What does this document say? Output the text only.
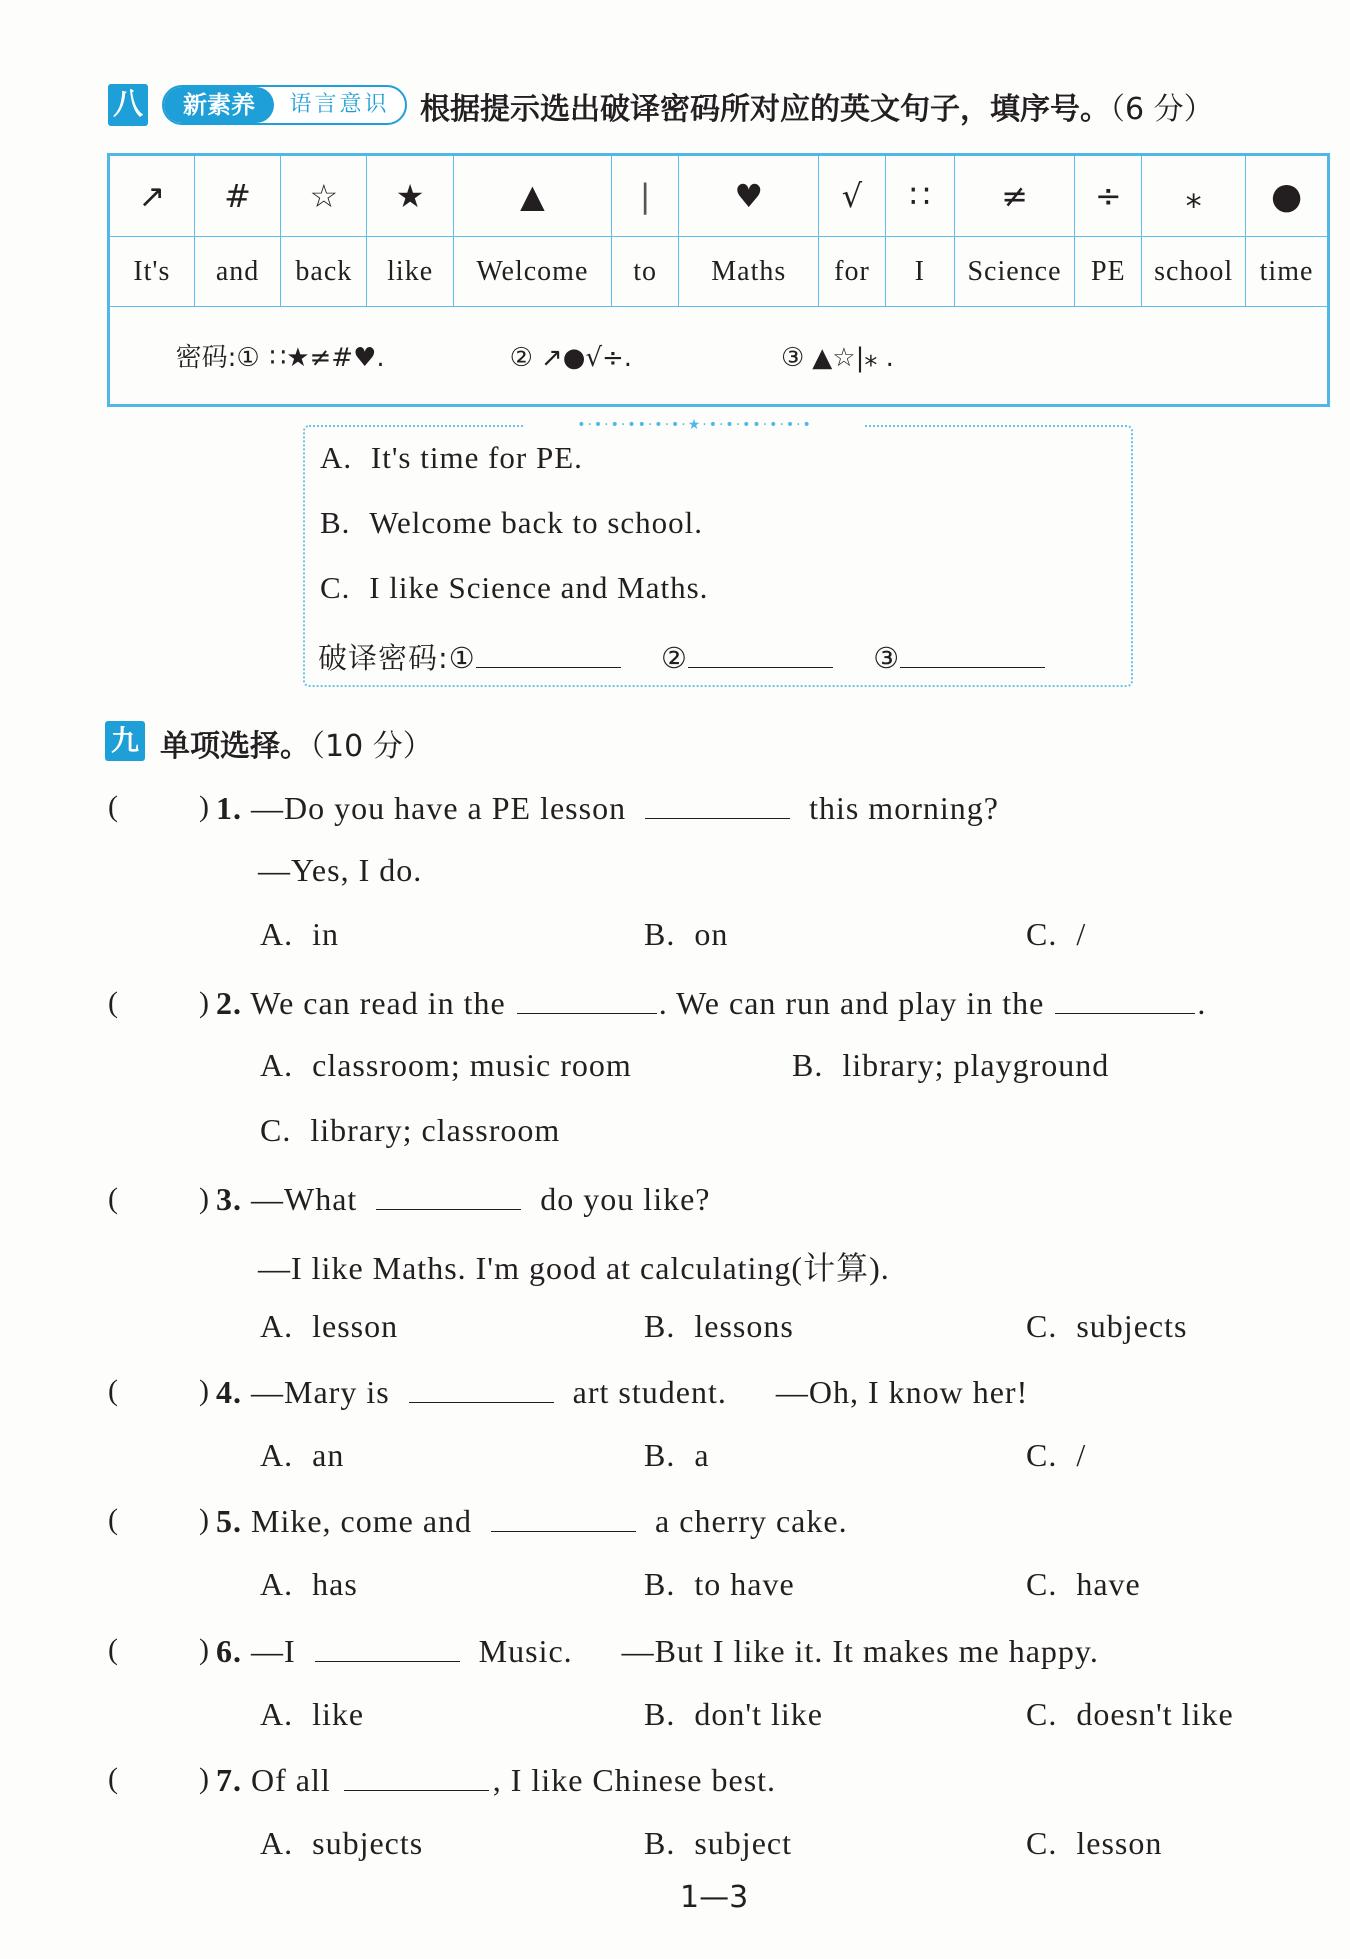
八	新素养	语言意识	根据提示选出破译密码所对应的英文句子，填序号。（6 分）
↗	#	☆	★	▲	|	♥	√	∷	≠	÷	⁎	●
It's	and	back	like	Welcome	to	Maths	for	I	Science	PE	school	time

密码:① ∷★≠#♥. ② ↗●√÷. ③ ▲☆|⁎ .												

•·•·•·••·•·•·★·•·•·••·•·•·•
A. It's time for PE.
B. Welcome back to school.
C. I like Science and Maths.
破译密码:①	②	③
九 单项选择。（10 分）
(	) 1. —Do you have a PE lesson	this morning?
—Yes, I do.
A. in	B. on	C. /
(	) 2. We can read in the	. We can run and play in the	.
A. classroom; music room	B. library; playground
C. library; classroom
(	) 3. —What	do you like?
—I like Maths. I'm good at calculating(计算).
A. lesson	B. lessons	C. subjects
(	) 4. —Mary is	art student. —Oh, I know her!
A. an	B. a	C. /
(	) 5. Mike, come and	a cherry cake.
A. has	B. to have	C. have
(	) 6. —I	Music. —But I like it. It makes me happy.
A. like	B. don't like	C. doesn't like
(	) 7. Of all	, I like Chinese best.
A. subjects	B. subject	C. lesson
1—3
